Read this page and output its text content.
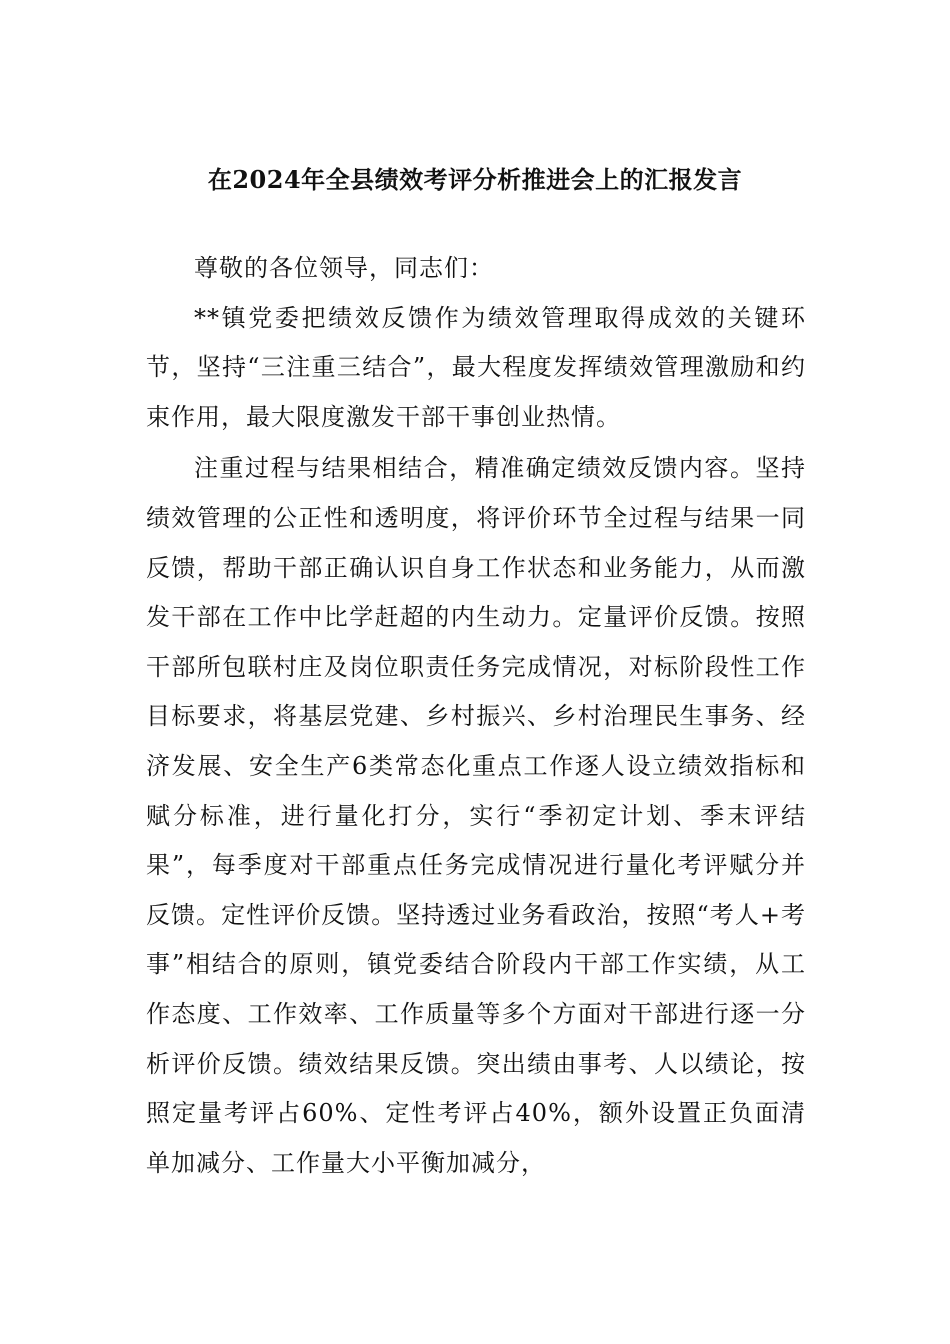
在2024年全县绩效考评分析推进会上的汇报发言

尊敬的各位领导，同志们：

**镇党委把绩效反馈作为绩效管理取得成效的关键环节，坚持“三注重三结合”，最大程度发挥绩效管理激励和约束作用，最大限度激发干部干事创业热情。

注重过程与结果相结合，精准确定绩效反馈内容。坚持绩效管理的公正性和透明度，将评价环节全过程与结果一同反馈，帮助干部正确认识自身工作状态和业务能力，从而激发干部在工作中比学赶超的内生动力。定量评价反馈。按照干部所包联村庄及岗位职责任务完成情况，对标阶段性工作目标要求，将基层党建、乡村振兴、乡村治理民生事务、经济发展、安全生产6类常态化重点工作逐人设立绩效指标和赋分标准，进行量化打分，实行“季初定计划、季末评结果”，每季度对干部重点任务完成情况进行量化考评赋分并反馈。定性评价反馈。坚持透过业务看政治，按照“考人+考事”相结合的原则，镇党委结合阶段内干部工作实绩，从工作态度、工作效率、工作质量等多个方面对干部进行逐一分析评价反馈。绩效结果反馈。突出绩由事考、人以绩论，按照定量考评占60%、定性考评占40%，额外设置正负面清单加减分、工作量大小平衡加减分，
